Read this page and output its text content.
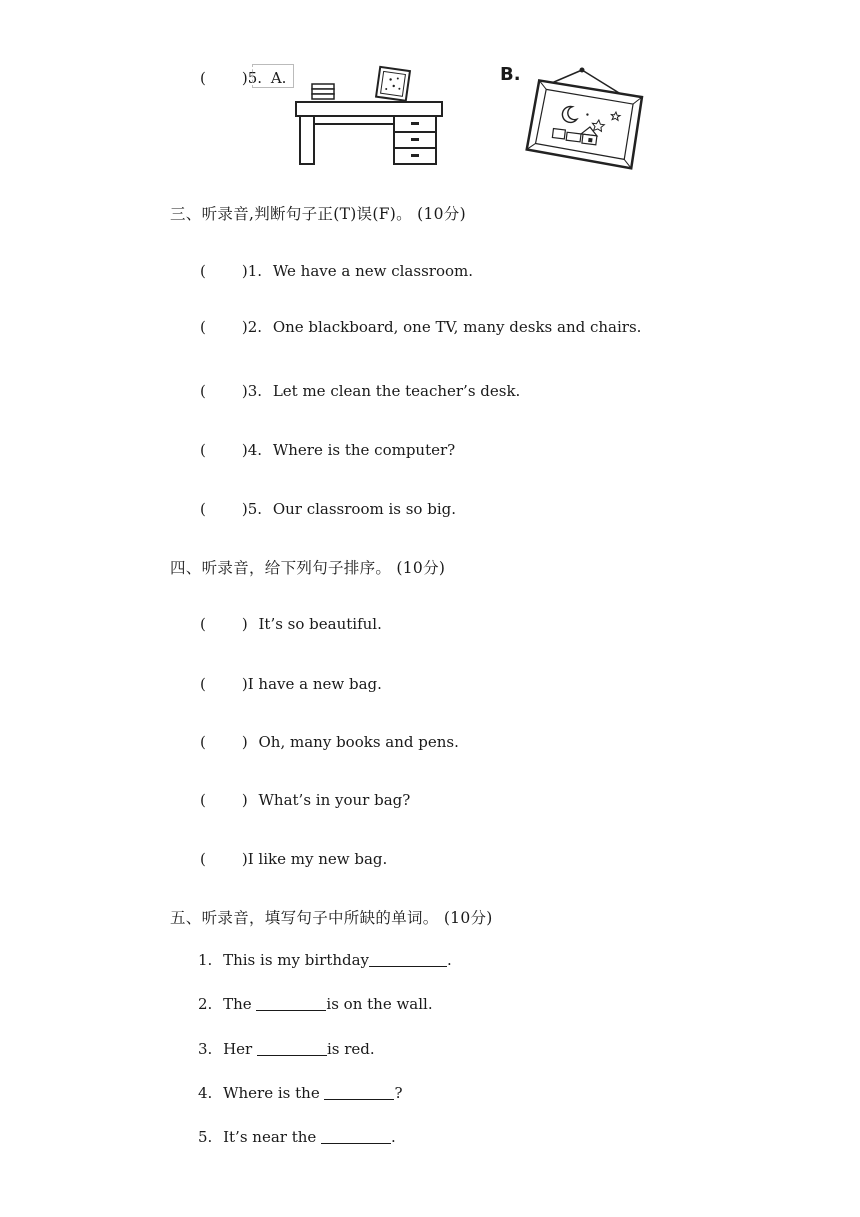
( )5. A.	B.
三、听录音,判断句子正(T)误(F)。 (10分)
( )1. We have a new classroom.
( )2. One blackboard, one TV, many desks and chairs.
( )3. Let me clean the teacher’s desk.
( )4. Where is the computer?
( )5. Our classroom is so big.
四、听录音，给下列句子排序。 (10分)
( ) It’s so beautiful.
( )I have a new bag.
( ) Oh, many books and pens.
( ) What’s in your bag?
( )I like my new bag.
五、听录音，填写句子中所缺的单词。 (10分)
1. This is my birthday	.
2. The	is on the wall.
3. Her	is red.
4. Where is the	?
5. It’s near the	.
